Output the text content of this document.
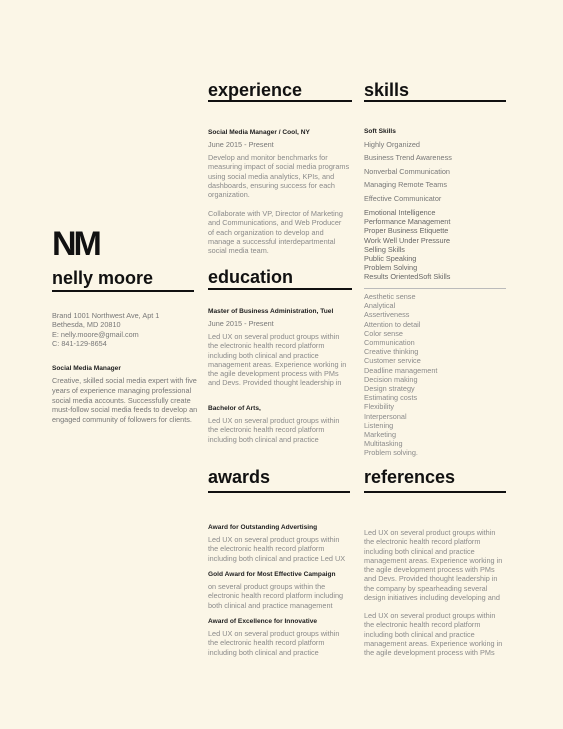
NM
nelly moore
Brand 1001 Northwest Ave, Apt 1
Bethesda, MD 20810
E: nelly.moore@gmail.com
C: 841-129-8654
Social Media Manager
Creative, skilled social media expert with five
years of experience managing professional
social media accounts. Successfully create
must-follow social media feeds to develop an
engaged community of followers for clients.
experience
Social Media Manager / Cool, NY
June 2015 - Present
Develop and monitor benchmarks for
measuring impact of social media programs
using social media analytics, KPIs, and
dashboards, ensuring success for each
organization.
Collaborate with VP, Director of Marketing
and Communications, and Web Producer
of each organization to develop and
manage a successful interdepartmental
social media team.
education
Master of Business Administration, Tuel
June 2015 - Present
Led UX on several product groups within
the electronic health record platform
including both clinical and practice
management areas. Experience working in
the agile development process with PMs
and Devs. Provided thought leadership in
Bachelor of Arts,
Led UX on several product groups within
the electronic health record platform
including both clinical and practice
awards
Award for Outstanding Advertising
Led UX on several product groups within
the electronic health record platform
including both clinical and practice Led UX
Gold Award for Most Effective Campaign
on several product groups within the
electronic health record platform including
both clinical and practice management
Award of Excellence for Innovative
Led UX on several product groups within
the electronic health record platform
including both clinical and practice
skills
Soft Skills
Highly Organized
Business Trend Awareness
Nonverbal Communication
Managing Remote Teams
Effective Communicator
Emotional Intelligence
Performance Management
Proper Business Etiquette
Work Well Under Pressure
Selling Skills
Public Speaking
Problem Solving
Results OrientedSoft Skills
Aesthetic sense
Analytical
Assertiveness
Attention to detail
Color sense
Communication
Creative thinking
Customer service
Deadline management
Decision making
Design strategy
Estimating costs
Flexibility
Interpersonal
Listening
Marketing
Multitasking
Problem solving.
references
Led UX on several product groups within
the electronic health record platform
including both clinical and practice
management areas. Experience working in
the agile development process with PMs
and Devs. Provided thought leadership in
the company by spearheading several
design initiatives including developing and
Led UX on several product groups within
the electronic health record platform
including both clinical and practice
management areas. Experience working in
the agile development process with PMs
